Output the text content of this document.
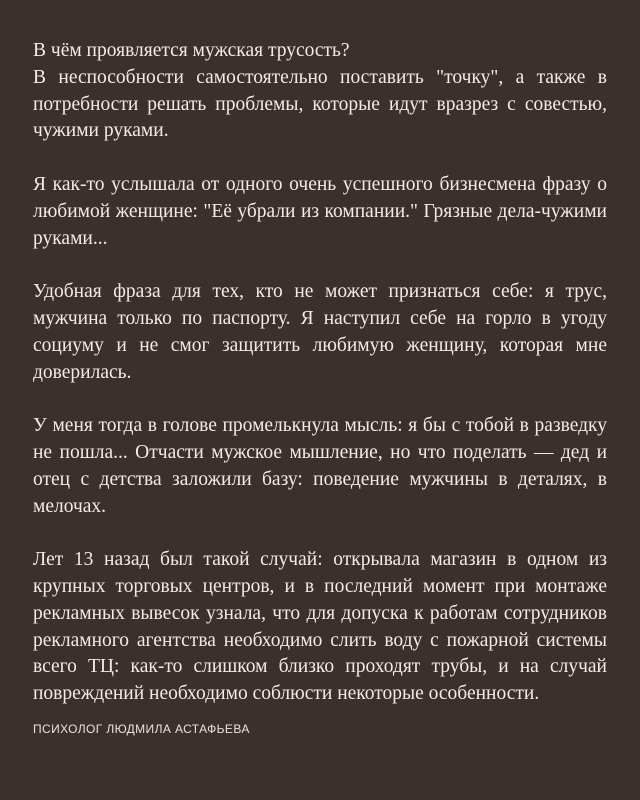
В чём проявляется мужская трусость?
В неспособности самостоятельно поставить "точку", а также в потребности решать проблемы, которые идут вразрез с совестью, чужими руками.

Я как-то услышала от одного очень успешного бизнесмена фразу о любимой женщине: "Её убрали из компании." Грязные дела-чужими руками...

Удобная фраза для тех, кто не может признаться себе: я трус, мужчина только по паспорту. Я наступил себе на горло в угоду социуму и не смог защитить любимую женщину, которая мне доверилась.

У меня тогда в голове промелькнула мысль: я бы с тобой в разведку не пошла... Отчасти мужское мышление, но что поделать — дед и отец с детства заложили базу: поведение мужчины в деталях, в мелочах.

Лет 13 назад был такой случай: открывала магазин в одном из крупных торговых центров, и в последний момент при монтаже рекламных вывесок узнала, что для допуска к работам сотрудников рекламного агентства необходимо слить воду с пожарной системы всего ТЦ: как-то слишком близко проходят трубы, и на случай повреждений необходимо соблюсти некоторые особенности.

ПСИХОЛОГ ЛЮДМИЛА АСТАФЬЕВА
